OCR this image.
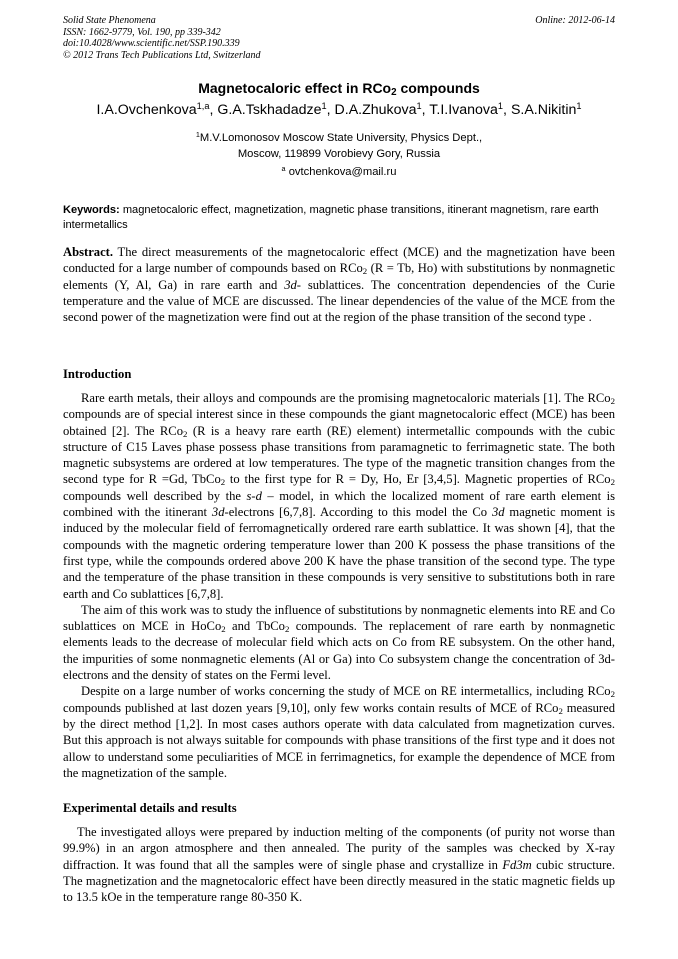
Solid State Phenomena
ISSN: 1662-9779, Vol. 190, pp 339-342
doi:10.4028/www.scientific.net/SSP.190.339
© 2012 Trans Tech Publications Ltd, Switzerland
Online: 2012-06-14
Magnetocaloric effect in RCo$_2$ compounds
I.A.Ovchenkova$^{1,a}$, G.A.Tskhadadze$^1$, D.A.Zhukova$^1$, T.I.Ivanova$^1$, S.A.Nikitin$^1$
$^1$M.V.Lomonosov Moscow State University, Physics Dept.,
Moscow, 119899 Vorobievy Gory, Russia
$^a$ ovtchenkova@mail.ru
Keywords: magnetocaloric effect, magnetization, magnetic phase transitions, itinerant magnetism, rare earth intermetallics
Abstract. The direct measurements of the magnetocaloric effect (MCE) and the magnetization have been conducted for a large number of compounds based on RCo$_2$ (R = Tb, Ho) with substitutions by nonmagnetic elements (Y, Al, Ga) in rare earth and 3d- sublattices. The concentration dependencies of the Curie temperature and the value of MCE are discussed. The linear dependencies of the value of the MCE from the second power of the magnetization were find out at the region of the phase transition of the second type .
Introduction

Rare earth metals, their alloys and compounds are the promising magnetocaloric materials [1]. The RCo$_2$ compounds are of special interest since in these compounds the giant magnetocaloric effect (MCE) has been obtained [2]. The RCo$_2$ (R is a heavy rare earth (RE) element) intermetallic compounds with the cubic structure of C15 Laves phase possess phase transitions from paramagnetic to ferrimagnetic state. The both magnetic subsystems are ordered at low temperatures. The type of the magnetic transition changes from the second type for R =Gd, TbCo$_2$ to the first type for R = Dy, Ho, Er [3,4,5]. Magnetic properties of RCo$_2$ compounds well described by the s-d – model, in which the localized moment of rare earth element is combined with the itinerant 3d-electrons [6,7,8]. According to this model the Co 3d magnetic moment is induced by the molecular field of ferromagnetically ordered rare earth sublattice. It was shown [4], that the compounds with the magnetic ordering temperature lower than 200 K possess the phase transitions of the first type, while the compounds ordered above 200 K have the phase transition of the second type. The type and the temperature of the phase transition in these compounds is very sensitive to substitutions both in rare earth and Co sublattices [6,7,8].

The aim of this work was to study the influence of substitutions by nonmagnetic elements into RE and Co sublattices on MCE in HoCo$_2$ and TbCo$_2$ compounds. The replacement of rare earth by nonmagnetic elements leads to the decrease of molecular field which acts on Co from RE subsystem. On the other hand, the impurities of some nonmagnetic elements (Al or Ga) into Co subsystem change the concentration of 3d-electrons and the density of states on the Fermi level.

Despite on a large number of works concerning the study of MCE on RE intermetallics, including RCo$_2$ compounds published at last dozen years [9,10], only few works contain results of MCE of RCo$_2$ measured by the direct method [1,2]. In most cases authors operate with data calculated from magnetization curves. But this approach is not always suitable for compounds with phase transitions of the first type and it does not allow to understand some peculiarities of MCE in ferrimagnetics, for example the dependence of MCE from the magnetization of the sample.

Experimental details and results

The investigated alloys were prepared by induction melting of the components (of purity not worse than 99.9%) in an argon atmosphere and then annealed. The purity of the samples was checked by X-ray diffraction. It was found that all the samples were of single phase and crystallize in Fd3m cubic structure. The magnetization and the magnetocaloric effect have been directly measured in the static magnetic fields up to 13.5 kOe in the temperature range 80-350 K.
